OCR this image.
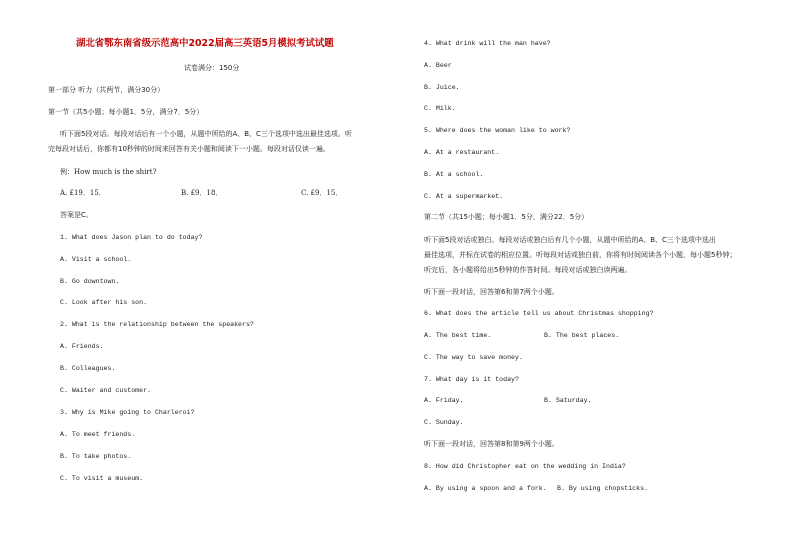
湖北省鄂东南省级示范高中2022届高三英语5月模拟考试试题
试卷满分：150分
第一部分 听力（共两节，满分30分）
第一节（共5小题；每小题1．5分，满分7．5分）
听下面5段对话。每段对话后有一个小题，从题中所给的A、B、C三个选项中选出最佳选项。听
完每段对话后，你都有10秒钟的时间来回答有关小题和阅读下一小题。每段对话仅读一遍。
例：How much is the shirt?
A. £19．15．	B. £9．18．	C. £9．15．
答案是C。
1. What does Jason plan to do today?
A. Visit a school.
B. Go downtown.
C. Look after his son.
2. What is the relationship between the speakers?
A. Friends.
B. Colleagues.
C. Waiter and customer.
3. Why is Mike going to Charleroi?
A. To meet friends.
B. To take photos.
C. To visit a museum.
4. What drink will the man have?
A. Beer
B. Juice.
C. Milk.
5. Where does the woman like to work?
A. At a restaurant.
B. At a school.
C. At a supermarket.
第二节（共15小题；每小题1．5分，满分22．5分）
听下面5段对话或独白。每段对话或独白后有几个小题，从题中所给的A、B、C三个选项中选出
最佳选项，并标在试卷的相应位置。听每段对话或独白前，你将有时间阅读各个小题，每小题5秒钟；
听完后，各小题将给出5秒钟的作答时间。每段对话或独白读两遍。
听下面一段对话，回答第6和第7两个小题。
6. What does the article tell us about Christmas shopping?
A. The best time.	B. The best places.
C. The way to save money.
7. What day is it today?
A. Friday.	B. Saturday.
C. Sunday.
听下面一段对话，回答第8和第9两个小题。
8. How did Christopher eat on the wedding in India?
A. By using a spoon and a fork. B. By using chopsticks.
